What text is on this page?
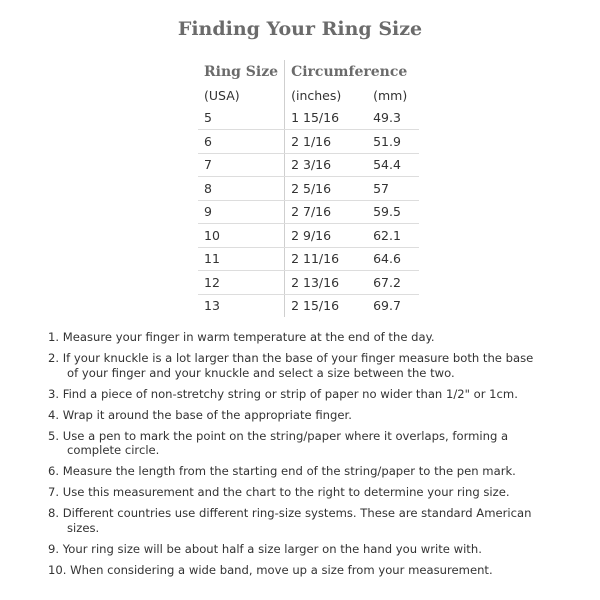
Finding Your Ring Size
Ring Size	Circumference	
(USA)	(inches)	(mm)
5	1 15/16	49.3
6	2 1/16	51.9
7	2 3/16	54.4
8	2 5/16	57
9	2 7/16	59.5
10	2 9/16	62.1
11	2 11/16	64.6
12	2 13/16	67.2
13	2 15/16	69.7
1. Measure your finger in warm temperature at the end of the day.
2. If your knuckle is a lot larger than the base of your finger measure both the base of your finger and your knuckle and select a size between the two.
3. Find a piece of non-stretchy string or strip of paper no wider than 1/2" or 1cm.
4. Wrap it around the base of the appropriate finger.
5. Use a pen to mark the point on the string/paper where it overlaps, forming a complete circle.
6. Measure the length from the starting end of the string/paper to the pen mark.
7. Use this measurement and the chart to the right to determine your ring size.
8. Different countries use different ring-size systems. These are standard American sizes.
9. Your ring size will be about half a size larger on the hand you write with.
10. When considering a wide band, move up a size from your measurement.
